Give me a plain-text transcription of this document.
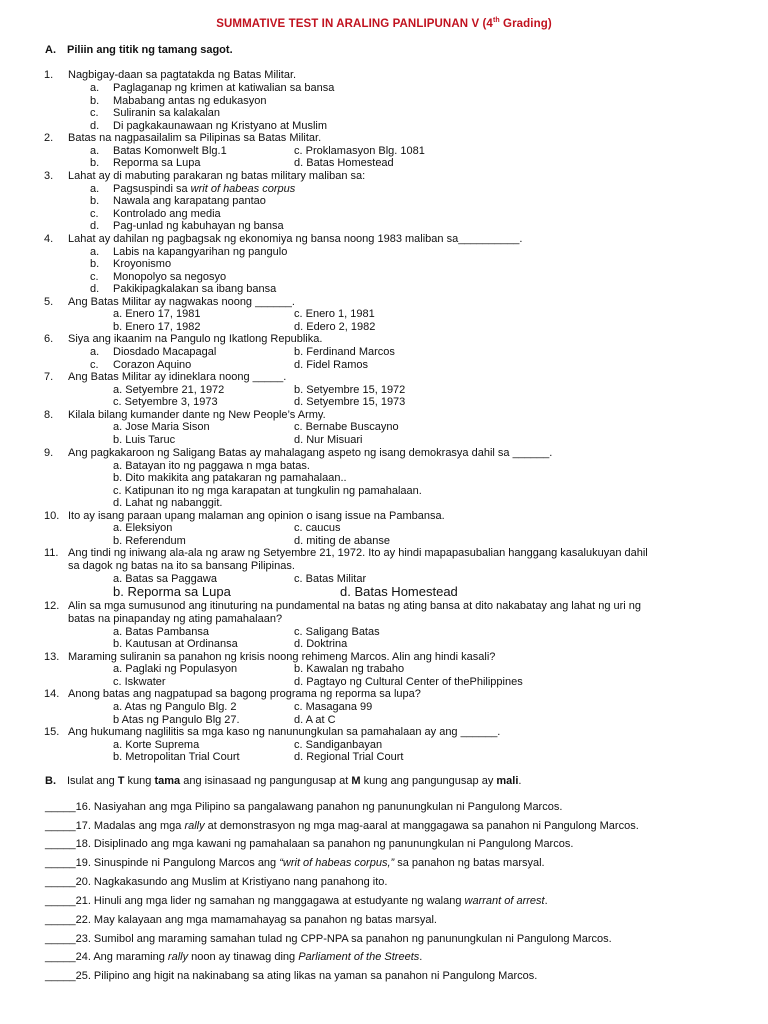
SUMMATIVE TEST IN ARALING PANLIPUNAN V (4th Grading)
A. Piliin ang titik ng tamang sagot.
1. Nagbigay-daan sa pagtatakda ng Batas Militar.
a. Paglaganap ng krimen at katiwalian sa bansa
b. Mababang antas ng edukasyon
c. Suliranin sa kalakalan
d. Di pagkakaunawaan ng Kristyano at Muslim
2. Batas na nagpasailalim sa Pilipinas sa Batas Militar.
a. Batas Komonwelt Blg.1	c. Proklamasyon Blg. 1081
b. Reporma sa Lupa	d. Batas Homestead
3. Lahat ay di mabuting parakaran ng batas military maliban sa:
a. Pagsuspindi sa writ of habeas corpus
b. Nawala ang karapatang pantao
c. Kontrolado ang media
d. Pag-unlad ng kabuhayan ng bansa
4. Lahat ay dahilan ng pagbagsak ng ekonomiya ng bansa noong 1983 maliban sa__________.
a. Labis na kapangyarihan ng pangulo
b. Kroyonismo
c. Monopolyo sa negosyo
d. Pakikipagkalakan sa ibang bansa
5. Ang Batas Militar ay nagwakas noong ______.
a. Enero 17, 1981	c. Enero 1, 1981
b. Enero 17, 1982	d. Edero 2, 1982
6. Siya ang ikaanim na Pangulo ng Ikatlong Republika.
a. Diosdado Macapagal	b. Ferdinand Marcos
c. Corazon Aquino	d. Fidel Ramos
7. Ang Batas Militar ay idineklara noong _____.
a. Setyembre 21, 1972	b. Setyembre 15, 1972
c. Setyembre 3, 1973	d. Setyembre 15, 1973
8. Kilala bilang kumander dante ng New People’s Army.
a. Jose Maria Sison	c. Bernabe Buscayno
b. Luis Taruc	d. Nur Misuari
9. Ang pagkakaroon ng Saligang Batas ay mahalagang aspeto ng isang demokrasya dahil sa ______.
a. Batayan ito ng paggawa n mga batas.
b. Dito makikita ang patakaran ng pamahalaan..
c. Katipunan ito ng mga karapatan at tungkulin ng pamahalaan.
d. Lahat ng nabanggit.
10. Ito ay isang paraan upang malaman ang opinion o isang issue na Pambansa.
a. Eleksiyon	c. caucus
b. Referendum	d. miting de abanse
11. Ang tindi ng iniwang ala-ala ng araw ng Setyembre 21, 1972. Ito ay hindi mapapasubalian hanggang kasalukuyan dahil
sa dagok ng batas na ito sa bansang Pilipinas.
a. Batas sa Paggawa	c. Batas Militar
b. Reporma sa Lupa	d. Batas Homestead
12. Alin sa mga sumusunod ang itinuturing na pundamental na batas ng ating bansa at dito nakabatay ang lahat ng uri ng
batas na pinapanday ng ating pamahalaan?
a. Batas Pambansa	c. Saligang Batas
b. Kautusan at Ordinansa	d. Doktrina
13. Maraming suliranin sa panahon ng krisis noong rehimeng Marcos. Alin ang hindi kasali?
a. Paglaki ng Populasyon	b. Kawalan ng trabaho
c. Iskwater	d. Pagtayo ng Cultural Center of thePhilippines
14. Anong batas ang nagpatupad sa bagong programa ng reporma sa lupa?
a. Atas ng Pangulo Blg. 2	c. Masagana 99
b Atas ng Pangulo Blg 27.	d. A at C
15. Ang hukumang naglilitis sa mga kaso ng nanunungkulan sa pamahalaan ay ang ______.
a. Korte Suprema	c. Sandiganbayan
b. Metropolitan Trial Court	d. Regional Trial Court
B. Isulat ang T kung tama ang isinasaad ng pangungusap at M kung ang pangungusap ay mali.
_____16. Nasiyahan ang mga Pilipino sa pangalawang panahon ng panunungkulan ni Pangulong Marcos.
_____17. Madalas ang mga rally at demonstrasyon ng mga mag-aaral at manggagawa sa panahon ni Pangulong Marcos.
_____18. Disiplinado ang mga kawani ng pamahalaan sa panahon ng panunungkulan ni Pangulong Marcos.
_____19. Sinuspinde ni Pangulong Marcos ang “writ of habeas corpus,” sa panahon ng batas marsyal.
_____20. Nagkakasundo ang Muslim at Kristiyano nang panahong ito.
_____21. Hinuli ang mga lider ng samahan ng manggagawa at estudyante ng walang warrant of arrest.
_____22. May kalayaan ang mga mamamahayag sa panahon ng batas marsyal.
_____23. Sumibol ang maraming samahan tulad ng CPP-NPA sa panahon ng panunungkulan ni Pangulong Marcos.
_____24. Ang maraming rally noon ay tinawag ding Parliament of the Streets.
_____25. Pilipino ang higit na nakinabang sa ating likas na yaman sa panahon ni Pangulong Marcos.
